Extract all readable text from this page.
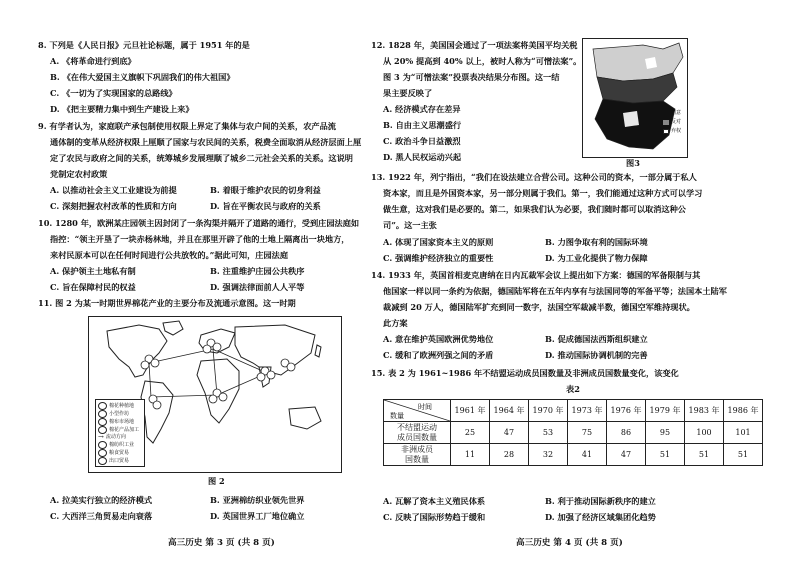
8. 下列是《人民日报》元旦社论标题，属于 1951 年的是
A. 《将革命进行到底》
B. 《在伟大爱国主义旗帜下巩固我们的伟大祖国》
C. 《一切为了实现国家的总路线》
D. 《把主要精力集中到生产建设上来》
9. 有学者认为，家庭联产承包制使用权限上界定了集体与农户间的关系，农产品流
通体制的变革从经济权限上厘顺了国家与农民间的关系，税费全面取消从经济层面上厘
定了农民与政府之间的关系，统筹城乡发展理顺了城乡二元社会关系的关系。这说明
党制定农村政策
A. 以推动社会主义工业建设为前提	B. 着眼于维护农民的切身利益
C. 深刻把握农村改革的性质和方向	D. 旨在平衡农民与政府的关系
10. 1280 年，欧洲某庄园领主因封闭了一条沟渠并隔开了道路的通行，受到庄园法庭如
指控：“领主开垦了一块赤杨林地，并且在那里开辟了他的土地上隔离出一块地方，
来村民原本可以在任何时间进行公共放牧的。”据此可知，庄园法庭
A. 保护领主土地私有制	B. 注重维护庄园公共秩序
C. 旨在保障村民的权益	D. 强调法律面前人人平等
11. 图 2 为某一时期世界棉花产业的主要分布及流通示意图。这一时期
棉花种植地
小型作坊
棉布市场地
棉花产品加工
→ 流动方向
棉纺织工业
粮食贸易
出口贸易
图 2
A. 拉美实行独立的经济模式	B. 亚洲棉纺织业领先世界
C. 大西洋三角贸易走向衰落	D. 英国世界工厂地位确立
高三历史 第 3 页 (共 8 页)
12. 1828 年，美国国会通过了一项法案将美国平均关税
从 20% 提高到 40% 以上，被时人称为“可憎法案”。
图 3 为“可憎法案”投票表决结果分布图。这一结
果主要反映了
A. 经济模式存在差异
B. 自由主义思潮盛行
C. 政治斗争日益激烈
D. 黑人民权运动兴起
同意
反对
弃权
图3
13. 1922 年，列宁指出，“我们在设法建立合营公司。这种公司的资本，一部分属于私人
资本家，而且是外国资本家，另一部分则属于我们。第一，我们能通过这种方式可以学习
做生意，这对我们是必要的。第二，如果我们认为必要，我们随时都可以取消这种公
司”。这一主张
A. 体现了国家资本主义的原则	B. 力图争取有利的国际环境
C. 强调维护经济独立的重要性	D. 为工业化提供了物力保障
14. 1933 年，英国首相麦克唐纳在日内瓦裁军会议上提出如下方案：德国的军备限制与其
他国家一样以同一条约为依据，德国陆军将在五年内享有与法国同等的军备平等；法国本土陆军
裁减到 20 万人，德国陆军扩充到同一数字，法国空军裁减半数，德国空军维持现状。
此方案
A. 意在维护英国欧洲优势地位	B. 促成德国法西斯组织建立
C. 缓和了欧洲列强之间的矛盾	D. 推动国际协调机制的完善
15. 表 2 为 1961~1986 年不结盟运动成员国数量及非洲成员国数量变化，该变化
表2
时间
数量	1961 年	1964 年	1970 年	1973 年	1976 年	1979 年	1983 年	1986 年

不结盟运动
成员国数量	25	47	53	75	86	95	100	101

非洲成员
国数量	11	28	32	41	47	51	51	51
A. 瓦解了资本主义殖民体系	B. 利于推动国际新秩序的建立
C. 反映了国际形势趋于缓和	D. 加强了经济区域集团化趋势
高三历史 第 4 页 (共 8 页)
